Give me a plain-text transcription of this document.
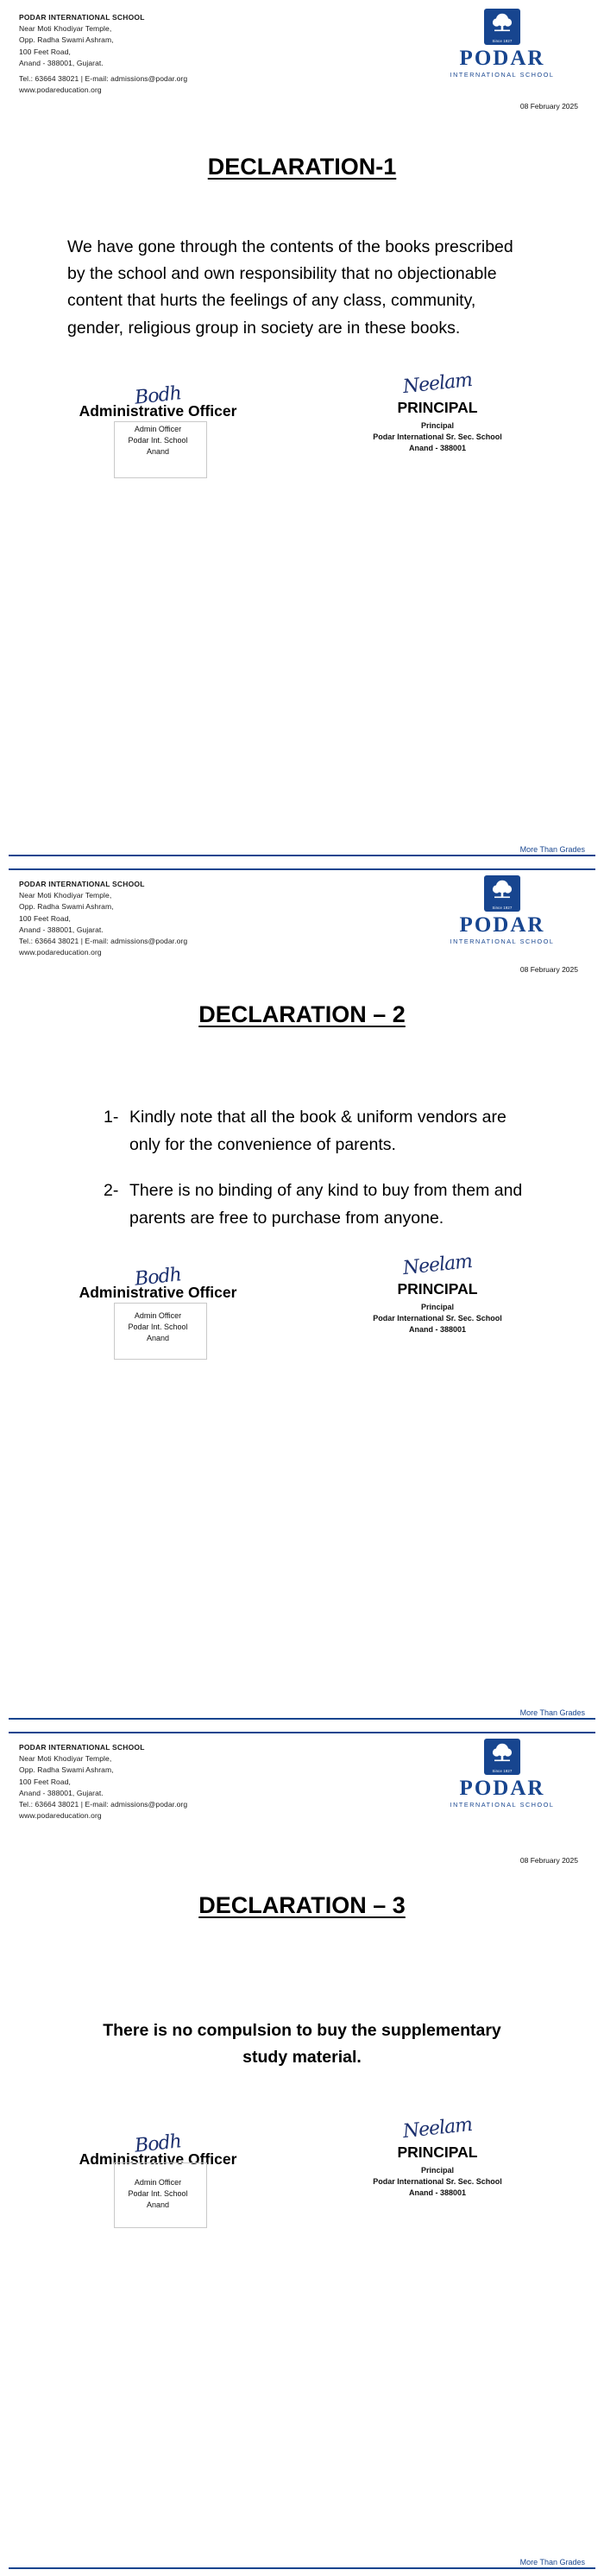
PODAR INTERNATIONAL SCHOOL
Near Moti Khodiyar Temple,
Opp. Radha Swami Ashram,
100 Feet Road,
Anand - 388001, Gujarat.
Tel.: 63664 38021 | E-mail: admissions@podar.org
www.podareducation.org
Since 1927
PODAR
INTERNATIONAL SCHOOL
08 February 2025
DECLARATION-1

We have gone through the contents of the books prescribed by the school and own responsibility that no objectionable content that hurts the feelings of any class, community, gender, religious group in society are in these books.

Bodh
Administrative Officer
Admin Officer
Podar Int. School
Anand
Neelam
PRINCIPAL
Principal
Podar International Sr. Sec. School
Anand - 388001
More Than Grades
PODAR INTERNATIONAL SCHOOL
Near Moti Khodiyar Temple,
Opp. Radha Swami Ashram,
100 Feet Road,
Anand - 388001, Gujarat.
Tel.: 63664 38021 | E-mail: admissions@podar.org
www.podareducation.org
Since 1927
PODAR
INTERNATIONAL SCHOOL
08 February 2025
DECLARATION – 2
1- Kindly note that all the book & uniform vendors are only for the convenience of parents.
2- There is no binding of any kind to buy from them and parents are free to purchase from anyone.
Bodh
Administrative Officer
Admin Officer
Podar Int. School
Anand
Neelam
PRINCIPAL
Principal
Podar International Sr. Sec. School
Anand - 388001
More Than Grades
PODAR INTERNATIONAL SCHOOL
Near Moti Khodiyar Temple,
Opp. Radha Swami Ashram,
100 Feet Road,
Anand - 388001, Gujarat.
Tel.: 63664 38021 | E-mail: admissions@podar.org
www.podareducation.org
Since 1927
PODAR
INTERNATIONAL SCHOOL
08 February 2025
DECLARATION – 3

There is no compulsion to buy the supplementary study material.

Bodh
Administrative Officer
Admin Officer
Podar Int. School
Anand
Neelam
PRINCIPAL
Principal
Podar International Sr. Sec. School
Anand - 388001
More Than Grades
